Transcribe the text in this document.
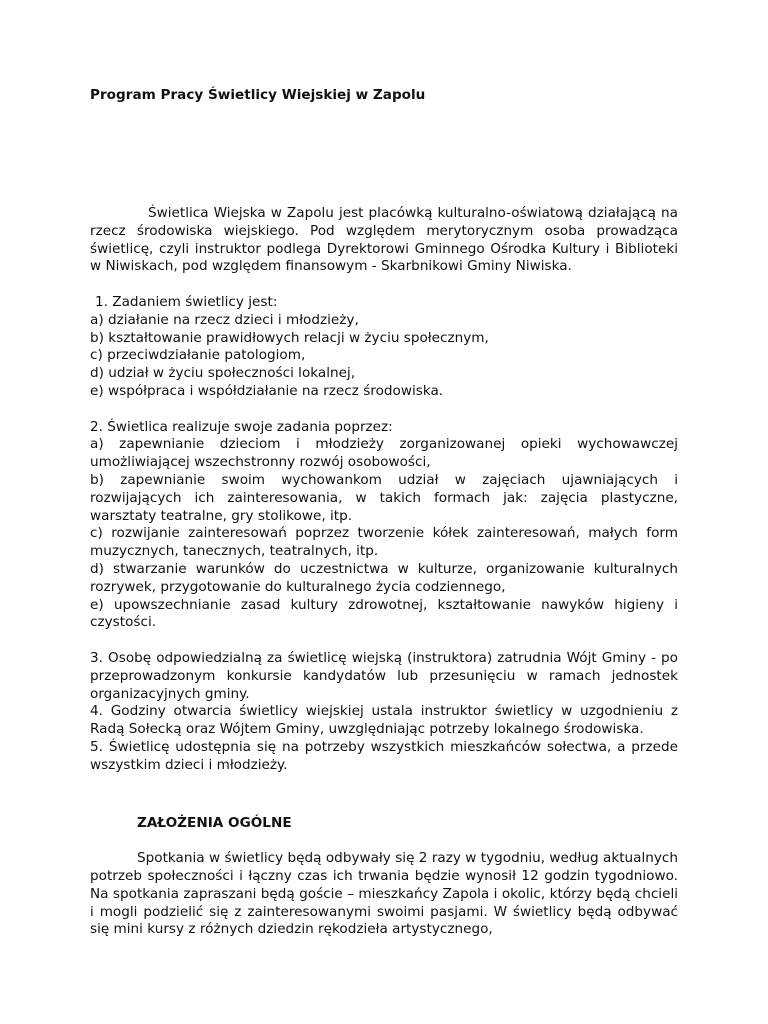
Program Pracy Świetlicy Wiejskiej w Zapolu

Świetlica Wiejska w Zapolu jest placówką kulturalno-oświatową działającą na rzecz środowiska wiejskiego. Pod względem merytorycznym osoba prowadząca świetlicę, czyli instruktor podlega Dyrektorowi Gminnego Ośrodka Kultury i Biblioteki w Niwiskach, pod względem finansowym - Skarbnikowi Gminy Niwiska.

1. Zadaniem świetlicy jest:

a) działanie na rzecz dzieci i młodzieży,

b) kształtowanie prawidłowych relacji w życiu społecznym,

c) przeciwdziałanie patologiom,

d) udział w życiu społeczności lokalnej,

e) współpraca i współdziałanie na rzecz środowiska.

2. Świetlica realizuje swoje zadania poprzez:

a) zapewnianie dzieciom i młodzieży zorganizowanej opieki wychowawczej umożliwiającej wszechstronny rozwój osobowości,

b) zapewnianie swoim wychowankom udział w zajęciach ujawniających i rozwijających ich zainteresowania, w takich formach jak: zajęcia plastyczne, warsztaty teatralne, gry stolikowe, itp.

c) rozwijanie zainteresowań poprzez tworzenie kółek zainteresowań, małych form muzycznych, tanecznych, teatralnych, itp.

d) stwarzanie warunków do uczestnictwa w kulturze, organizowanie kulturalnych rozrywek, przygotowanie do kulturalnego życia codziennego,

e) upowszechnianie zasad kultury zdrowotnej, kształtowanie nawyków higieny i czystości.

3. Osobę odpowiedzialną za świetlicę wiejską (instruktora) zatrudnia Wójt Gminy - po przeprowadzonym konkursie kandydatów lub przesunięciu w ramach jednostek organizacyjnych gminy.

4. Godziny otwarcia świetlicy wiejskiej ustala instruktor świetlicy w uzgodnieniu z Radą Sołecką oraz Wójtem Gminy, uwzględniając potrzeby lokalnego środowiska.

5. Świetlicę udostępnia się na potrzeby wszystkich mieszkańców sołectwa, a przede wszystkim dzieci i młodzieży.

ZAŁOŻENIA OGÓLNE

Spotkania w świetlicy będą odbywały się 2 razy w tygodniu, według aktualnych potrzeb społeczności i łączny czas ich trwania będzie wynosił 12 godzin tygodniowo. Na spotkania zapraszani będą goście – mieszkańcy Zapola i okolic, którzy będą chcieli i mogli podzielić się z zainteresowanymi swoimi pasjami. W świetlicy będą odbywać się mini kursy z różnych dziedzin rękodzieła artystycznego,
